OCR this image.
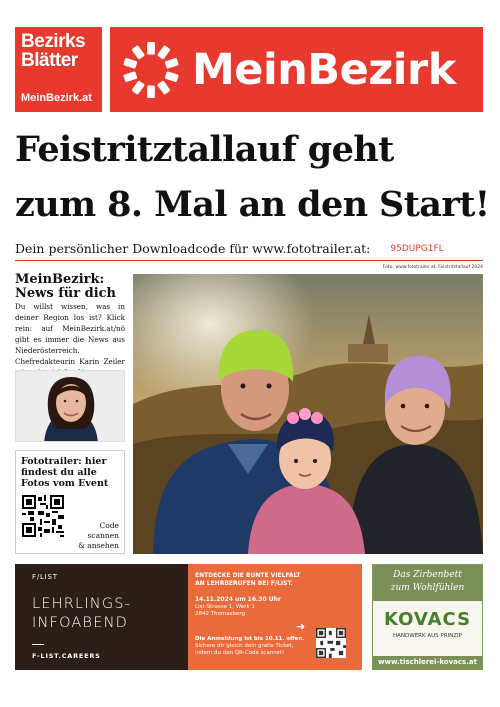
Bezirks
Blätter
MeinBezirk.at
MeinBezirk
Feistritztallauf geht
zum 8. Mal an den Start!
Dein persönlicher Downloadcode für www.fototrailer.at: 95DUPG1FL
Foto: www.fototrailer.at, Feistritztallauf 2024
MeinBezirk:
News für dich
Du willst wissen, was in deiner Region los ist? Klick rein: auf MeinBezirk.at/nö gibt es immer die News aus Niederösterreich. Chefredakteurin Karin Zeiler
Fototrailer: hier findest du alle Fotos vom Event
Code
scannen
& ansehen
F/LIST
LEHRLINGS-
INFOABEND
F-LIST.CAREERS
ENTDECKE DIE BUNTE VIELFALT
AN LEHRBERUFEN BEI F/LIST.
14.11.2024 um 16.30 Uhr
List-Strasse 1, Werk 1
2842 Thomasberg
➜
Die Anmeldung ist bis 10.11. offen.
Sichere dir gleich dein gratis Ticket,
indem du den QR-Code scannst!
Das Zirbenbett
zum Wohlfühlen
KOVACS
HANDWERK AUS PRINZIP
www.tischlerei-kovacs.at
